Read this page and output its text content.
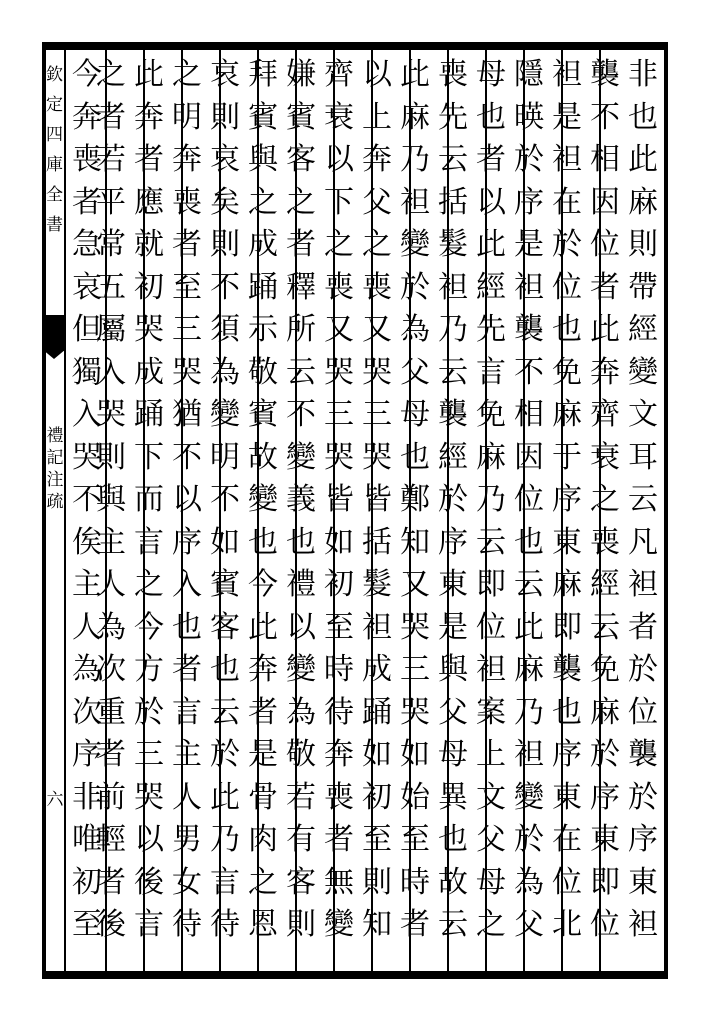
欽定四庫全書
禮記注疏
六
非也此麻則帶經變文耳云凡袒者於位襲於序東袒
襲不相因位者此奔齊衰之喪經云免麻於序東即位
袒是袒在於位也免麻于序東麻即襲也序東在位北
隱暎於序是袒襲不相因位也云此麻乃袒變於為父
母也者以此經先言免麻乃云即位袒案上文父母之
喪先云括髮袒乃云襲經於序東是與父母異也故云
此麻乃袒變於為父母也鄭知又哭三哭如始至時者
以上奔父之喪又哭三哭皆括髮袒成踊如初至則知
齊衰以下之喪又哭三哭皆如初至時待奔喪者無變
嫌賓客之者釋所云不變義也禮以變為敬若有客則
拜賓與之成踊示敬賓故變也今此奔者是骨肉之恩
哀則哀矣則不須為變明不如賓客也云於此乃言待
之明奔喪者至三哭猶不以序入也者言主人男女待
此奔者應就初哭成踊下而言之今方於三哭以後言
之者若平常五屬入哭則與主人為次重者前輕者後
今奔喪者急哀但獨入哭不俟主人為次序非唯初至
